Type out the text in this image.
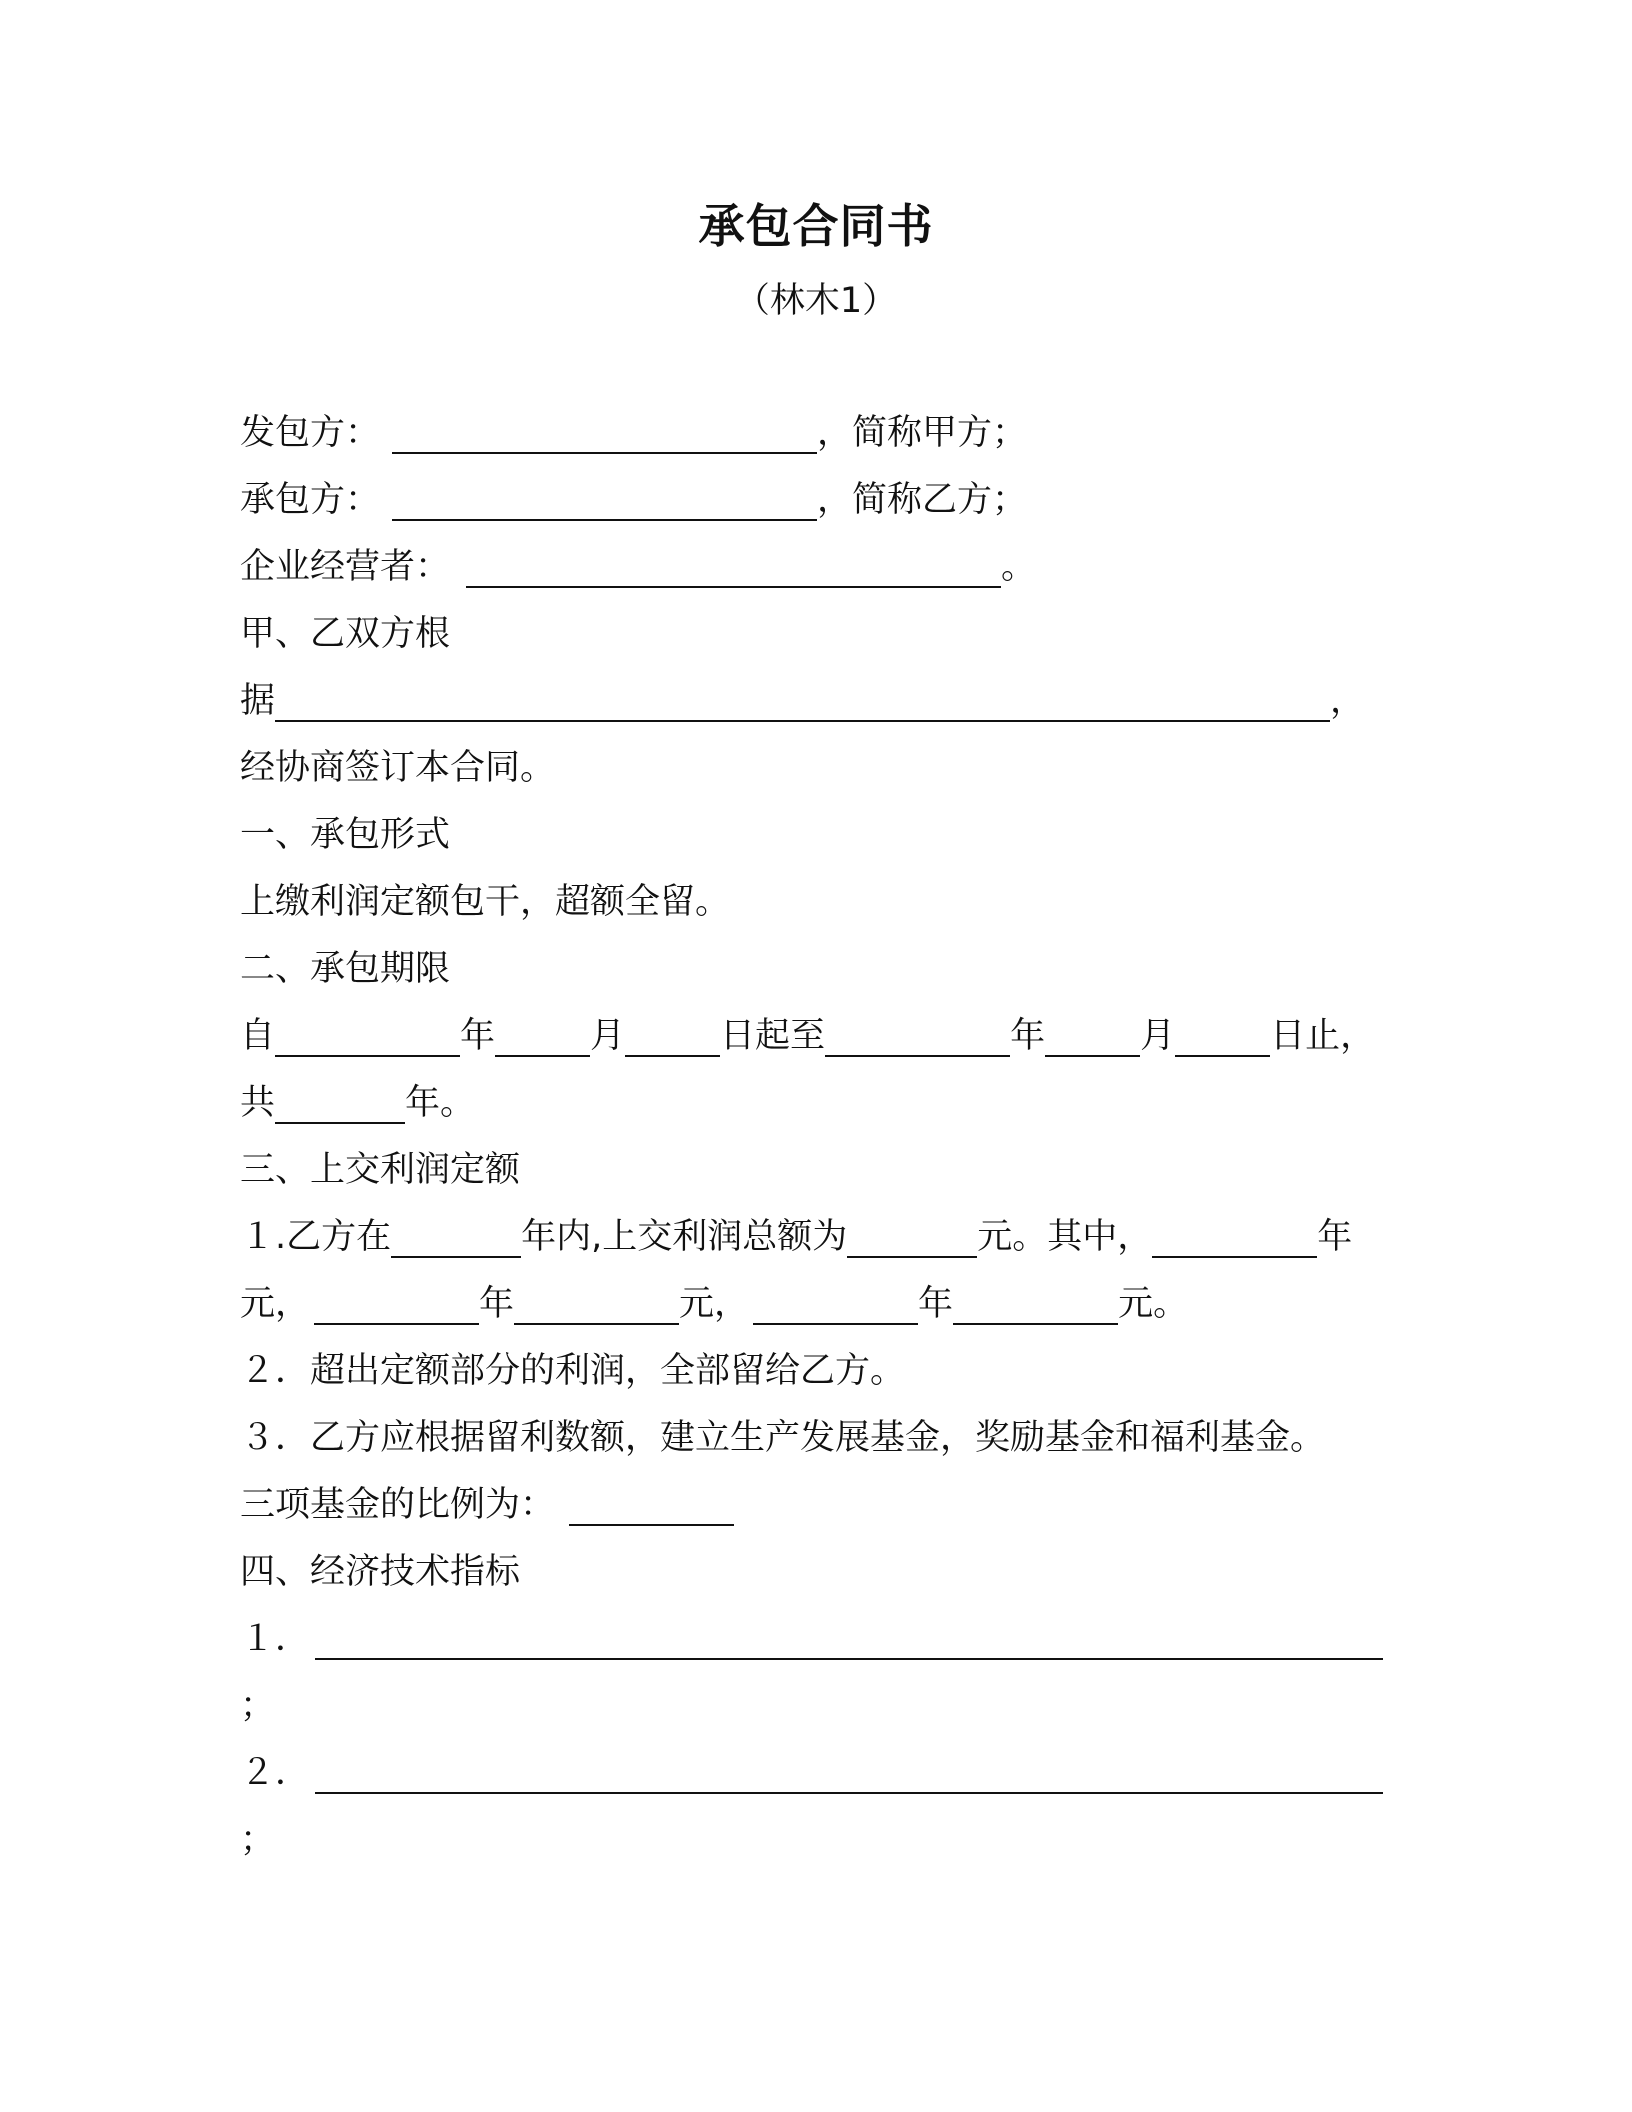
承包合同书
（林木1）
发包方：	，简称甲方；
承包方：	，简称乙方；
企业经营者：	。
甲、乙双方根
据	，
经协商签订本合同。
一、承包形式
上缴利润定额包干，超额全留。
二、承包期限
自	年	月	日起至	年	月	日止，
共	年。
三、上交利润定额
１.乙方在	年内,上交利润总额为	元。其中，	年
元，	年	元，	年	元。
２．超出定额部分的利润，全部留给乙方。
３．乙方应根据留利数额，建立生产发展基金，奖励基金和福利基金。
三项基金的比例为：
四、经济技术指标
１．
；
２．
；
